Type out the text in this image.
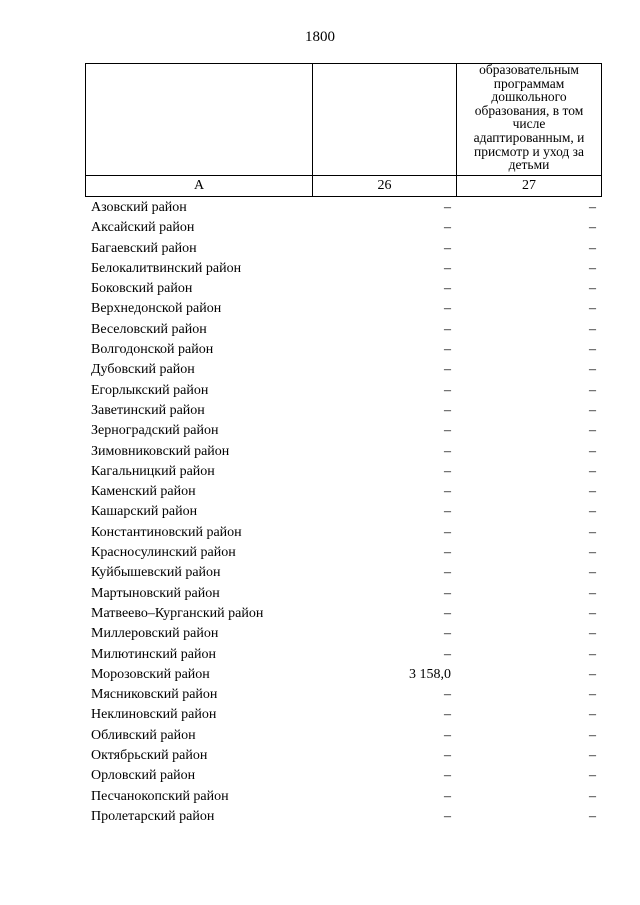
1800

		образовательным программам дошкольного образования, в том числе адаптированным, и присмотр и уход за детьми

А	26	27
Азовский район	–	–
Аксайский район	–	–
Багаевский район	–	–
Белокалитвинский район	–	–
Боковский район	–	–
Верхнедонской район	–	–
Веселовский район	–	–
Волгодонской район	–	–
Дубовский район	–	–
Егорлыкский район	–	–
Заветинский район	–	–
Зерноградский район	–	–
Зимовниковский район	–	–
Кагальницкий район	–	–
Каменский район	–	–
Кашарский район	–	–
Константиновский район	–	–
Красносулинский район	–	–
Куйбышевский район	–	–
Мартыновский район	–	–
Матвеево–Курганский район	–	–
Миллеровский район	–	–
Милютинский район	–	–
Морозовский район	3 158,0	–
Мясниковский район	–	–
Неклиновский район	–	–
Обливский район	–	–
Октябрьский район	–	–
Орловский район	–	–
Песчанокопский район	–	–
Пролетарский район	–	–
